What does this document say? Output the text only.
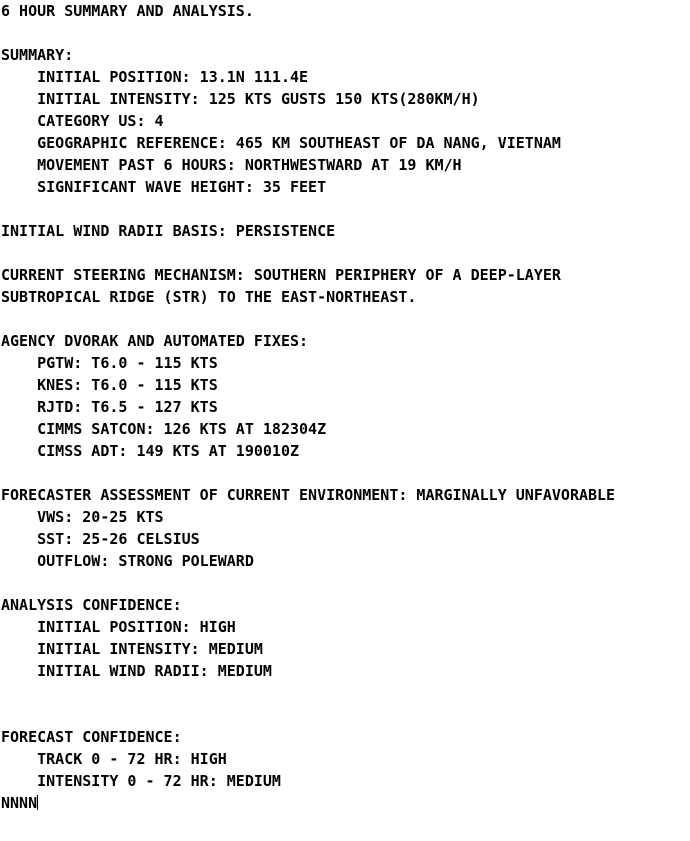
6 HOUR SUMMARY AND ANALYSIS.
SUMMARY:
INITIAL POSITION: 13.1N 111.4E
INITIAL INTENSITY: 125 KTS GUSTS 150 KTS(280KM/H)
CATEGORY US: 4
GEOGRAPHIC REFERENCE: 465 KM SOUTHEAST OF DA NANG, VIETNAM
MOVEMENT PAST 6 HOURS: NORTHWESTWARD AT 19 KM/H
SIGNIFICANT WAVE HEIGHT: 35 FEET
INITIAL WIND RADII BASIS: PERSISTENCE
CURRENT STEERING MECHANISM: SOUTHERN PERIPHERY OF A DEEP-LAYER
SUBTROPICAL RIDGE (STR) TO THE EAST-NORTHEAST.
AGENCY DVORAK AND AUTOMATED FIXES:
PGTW: T6.0 - 115 KTS
KNES: T6.0 - 115 KTS
RJTD: T6.5 - 127 KTS
CIMMS SATCON: 126 KTS AT 182304Z
CIMSS ADT: 149 KTS AT 190010Z
FORECASTER ASSESSMENT OF CURRENT ENVIRONMENT: MARGINALLY UNFAVORABLE
VWS: 20-25 KTS
SST: 25-26 CELSIUS
OUTFLOW: STRONG POLEWARD
ANALYSIS CONFIDENCE:
INITIAL POSITION: HIGH
INITIAL INTENSITY: MEDIUM
INITIAL WIND RADII: MEDIUM
FORECAST CONFIDENCE:
TRACK 0 - 72 HR: HIGH
INTENSITY 0 - 72 HR: MEDIUM
NNNN
